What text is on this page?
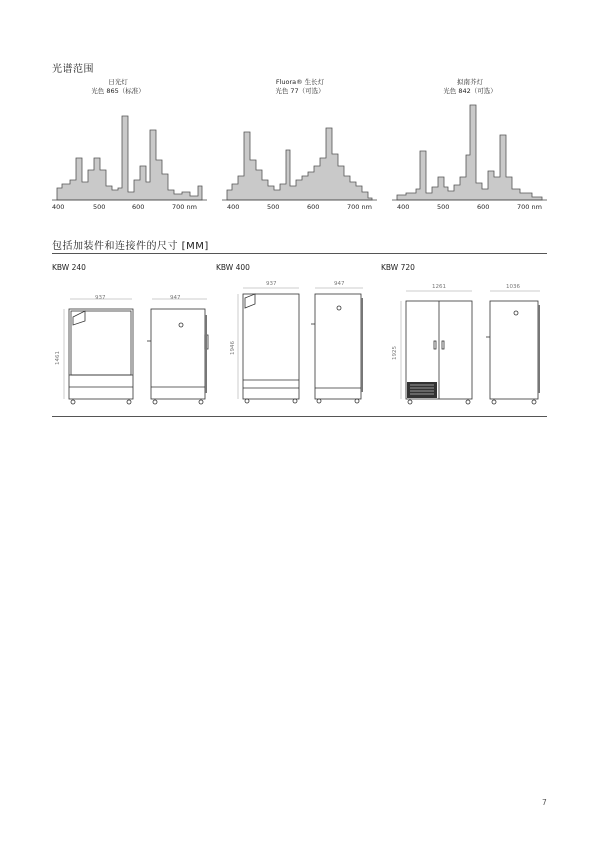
光谱范围
日光灯
光色 865（标准）
Fluora® 生长灯
光色 77（可选）
拟南芥灯
光色 842（可选）
400	500	600	700 nm	400	500	600	700 nm	400	500	600	700 nm
包括加装件和连接件的尺寸 [MM]
KBW 240	KBW 400	KBW 720
937	947
1461
937	947
1946
1261	1036
1925
7
